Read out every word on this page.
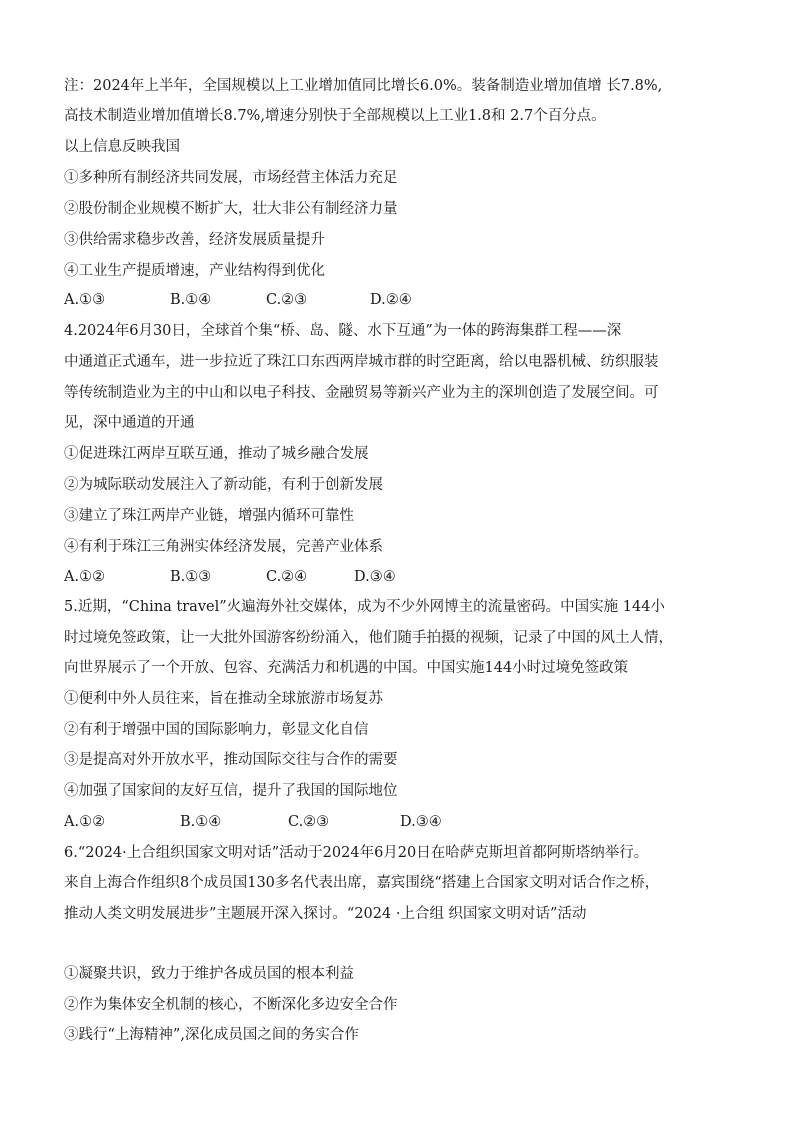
注：2024年上半年，全国规模以上工业增加值同比增长6.0%。装备制造业增加值增 长7.8%,
高技术制造业增加值增长8.7%,增速分别快于全部规模以上工业1.8和 2.7个百分点。
以上信息反映我国
①多种所有制经济共同发展，市场经营主体活力充足
②股份制企业规模不断扩大，壮大非公有制经济力量
③供给需求稳步改善，经济发展质量提升
④工业生产提质增速，产业结构得到优化
A.①③	B.①④	C.②③	D.②④
4.2024年6月30日，全球首个集“桥、岛、隧、水下互通”为一体的跨海集群工程——深
中通道正式通车，进一步拉近了珠江口东西两岸城市群的时空距离，给以电器机械、纺织服装
等传统制造业为主的中山和以电子科技、金融贸易等新兴产业为主的深圳创造了发展空间。可
见，深中通道的开通
①促进珠江两岸互联互通，推动了城乡融合发展
②为城际联动发展注入了新动能，有利于创新发展
③建立了珠江两岸产业链，增强内循环可靠性
④有利于珠江三角洲实体经济发展，完善产业体系
A.①②	B.①③	C.②④	D.③④
5.近期，“China travel”火遍海外社交媒体，成为不少外网博主的流量密码。中国实施 144小
时过境免签政策，让一大批外国游客纷纷涌入，他们随手拍摄的视频，记录了中国的风土人情，
向世界展示了一个开放、包容、充满活力和机遇的中国。中国实施144小时过境免签政策
①便利中外人员往来，旨在推动全球旅游市场复苏
②有利于增强中国的国际影响力，彰显文化自信
③是提高对外开放水平，推动国际交往与合作的需要
④加强了国家间的友好互信，提升了我国的国际地位
A.①②	B.①④	C.②③	D.③④
6.“2024·上合组织国家文明对话”活动于2024年6月20日在哈萨克斯坦首都阿斯塔纳举行。
来自上海合作组织8个成员国130多名代表出席，嘉宾围绕“搭建上合国家文明对话合作之桥，
推动人类文明发展进步”主题展开深入探讨。“2024 ·上合组 织国家文明对话”活动
①凝聚共识，致力于维护各成员国的根本利益
②作为集体安全机制的核心，不断深化多边安全合作
③践行“上海精神”,深化成员国之间的务实合作
